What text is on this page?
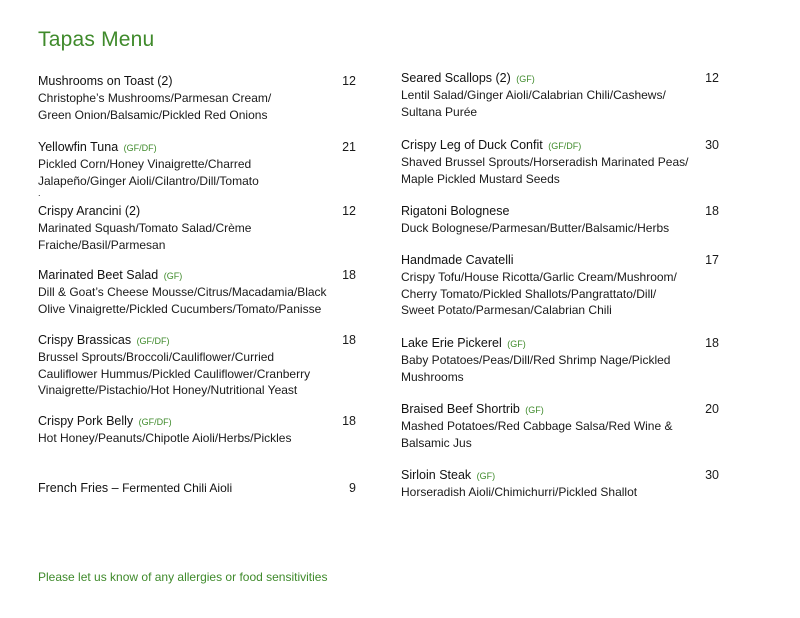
Tapas Menu
Mushrooms on Toast (2)	12
Christophe’s Mushrooms/Parmesan Cream/
Green Onion/Balsamic/Pickled Red Onions
Yellowfin Tuna (GF/DF)	21
Pickled Corn/Honey Vinaigrette/Charred
Jalapeño/Ginger Aioli/Cilantro/Dill/Tomato
.
Crispy Arancini (2)	12
Marinated Squash/Tomato Salad/Crème
Fraiche/Basil/Parmesan
Marinated Beet Salad (GF)	18
Dill & Goat’s Cheese Mousse/Citrus/Macadamia/Black
Olive Vinaigrette/Pickled Cucumbers/Tomato/Panisse
Crispy Brassicas (GF/DF)	18
Brussel Sprouts/Broccoli/Cauliflower/Curried
Cauliflower Hummus/Pickled Cauliflower/Cranberry
Vinaigrette/Pistachio/Hot Honey/Nutritional Yeast
Crispy Pork Belly (GF/DF)	18
Hot Honey/Peanuts/Chipotle Aioli/Herbs/Pickles
French Fries – Fermented Chili Aioli	9
Seared Scallops (2) (GF)	12
Lentil Salad/Ginger Aioli/Calabrian Chili/Cashews/
Sultana Purée
Crispy Leg of Duck Confit (GF/DF)	30
Shaved Brussel Sprouts/Horseradish Marinated Peas/
Maple Pickled Mustard Seeds
Rigatoni Bolognese	18
Duck Bolognese/Parmesan/Butter/Balsamic/Herbs
Handmade Cavatelli	17
Crispy Tofu/House Ricotta/Garlic Cream/Mushroom/
Cherry Tomato/Pickled Shallots/Pangrattato/Dill/
Sweet Potato/Parmesan/Calabrian Chili
Lake Erie Pickerel (GF)	18
Baby Potatoes/Peas/Dill/Red Shrimp Nage/Pickled
Mushrooms
Braised Beef Shortrib (GF)	20
Mashed Potatoes/Red Cabbage Salsa/Red Wine &
Balsamic Jus
Sirloin Steak (GF)	30
Horseradish Aioli/Chimichurri/Pickled Shallot
Please let us know of any allergies or food sensitivities
